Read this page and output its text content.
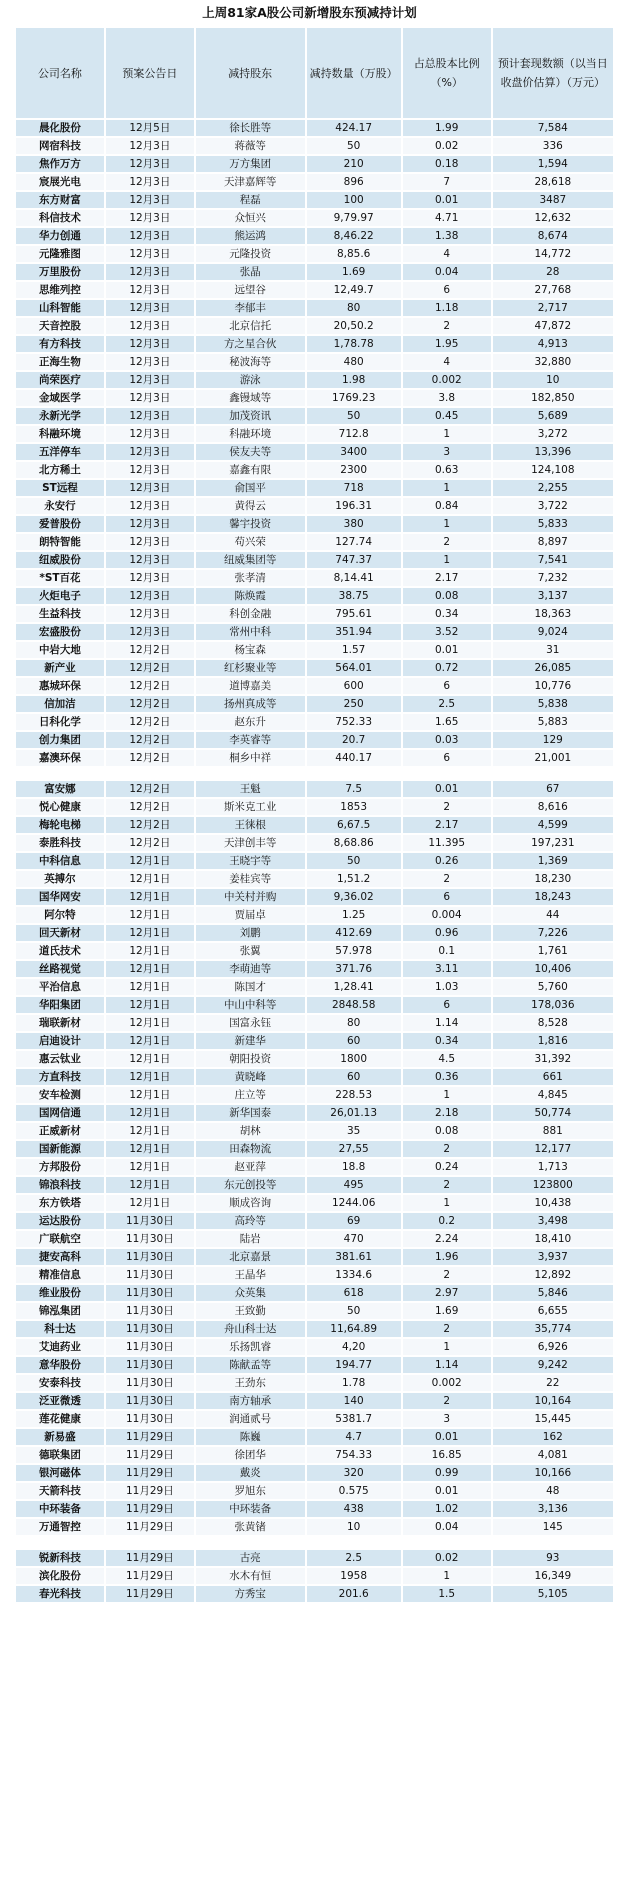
上周81家A股公司新增股东预减持计划
公司名称	预案公告日	减持股东	减持数量（万股）	占总股本比例（%）	预计套现数额（以当日收盘价估算）（万元）
晨化股份	12月5日	徐长胜等	424.17	1.99	7,584
网宿科技	12月3日	蒋薇等	50	0.02	336
焦作万方	12月3日	万方集团	210	0.18	1,594
宸展光电	12月3日	天津嘉辉等	896	7	28,618
东方财富	12月3日	程磊	100	0.01	3487
科信技术	12月3日	众恒兴	9,79.97	4.71	12,632
华力创通	12月3日	熊运鸿	8,46.22	1.38	8,674
元隆雅图	12月3日	元隆投资	8,85.6	4	14,772
万里股份	12月3日	张晶	1.69	0.04	28
思维列控	12月3日	远望谷	12,49.7	6	27,768
山科智能	12月3日	李郁丰	80	1.18	2,717
天音控股	12月3日	北京信托	20,50.2	2	47,872
有方科技	12月3日	方之星合伙	1,78.78	1.95	4,913
正海生物	12月3日	秘波海等	480	4	32,880
尚荣医疗	12月3日	游泳	1.98	0.002	10
金域医学	12月3日	鑫镘域等	1769.23	3.8	182,850
永新光学	12月3日	加茂资讯	50	0.45	5,689
科融环境	12月3日	科融环境	712.8	1	3,272
五洋停车	12月3日	侯友夫等	3400	3	13,396
北方稀土	12月3日	嘉鑫有限	2300	0.63	124,108
ST远程	12月3日	俞国平	718	1	2,255
永安行	12月3日	黄得云	196.31	0.84	3,722
爱普股份	12月3日	馨宇投资	380	1	5,833
朗特智能	12月3日	苟兴荣	127.74	2	8,897
纽威股份	12月3日	纽威集团等	747.37	1	7,541
*ST百花	12月3日	张孝清	8,14.41	2.17	7,232
火炬电子	12月3日	陈焕霞	38.75	0.08	3,137
生益科技	12月3日	科创金融	795.61	0.34	18,363
宏盛股份	12月3日	常州中科	351.94	3.52	9,024
中岩大地	12月2日	杨宝森	1.57	0.01	31
新产业	12月2日	红杉聚业等	564.01	0.72	26,085
惠城环保	12月2日	道博嘉美	600	6	10,776
信加洁	12月2日	扬州真成等	250	2.5	5,838
日科化学	12月2日	赵东升	752.33	1.65	5,883
创力集团	12月2日	李英睿等	20.7	0.03	129
嘉澳环保	12月2日	桐乡中祥	440.17	6	21,001

富安娜	12月2日	王魁	7.5	0.01	67
悦心健康	12月2日	斯米克工业	1853	2	8,616
梅轮电梯	12月2日	王徕根	6,67.5	2.17	4,599
泰胜科技	12月2日	天津创丰等	8,68.86	11.395	197,231
中科信息	12月1日	王晓宇等	50	0.26	1,369
英搏尔	12月1日	姜桂宾等	1,51.2	2	18,230
国华网安	12月1日	中关村并购	9,36.02	6	18,243
阿尔特	12月1日	贾届卓	1.25	0.004	44
回天新材	12月1日	刘鹏	412.69	0.96	7,226
道氏技术	12月1日	张翼	57.978	0.1	1,761
丝路视觉	12月1日	李萌迪等	371.76	3.11	10,406
平治信息	12月1日	陈国才	1,28.41	1.03	5,760
华阳集团	12月1日	中山中科等	2848.58	6	178,036
瑞联新材	12月1日	国富永钰	80	1.14	8,528
启迪设计	12月1日	新建华	60	0.34	1,816
惠云钛业	12月1日	朝阳投资	1800	4.5	31,392
方直科技	12月1日	黄晓峰	60	0.36	661
安车检测	12月1日	庄立等	228.53	1	4,845
国网信通	12月1日	新华国泰	26,01.13	2.18	50,774
正威新材	12月1日	胡林	35	0.08	881
国新能源	12月1日	田森物流	27,55	2	12,177
方邦股份	12月1日	赵亚萍	18.8	0.24	1,713
锦浪科技	12月1日	东元创投等	495	2	123800
东方铁塔	12月1日	顺成咨询	1244.06	1	10,438
运达股份	11月30日	高玲等	69	0.2	3,498
广联航空	11月30日	陆岩	470	2.24	18,410
捷安高科	11月30日	北京嘉景	381.61	1.96	3,937
精准信息	11月30日	王晶华	1334.6	2	12,892
维业股份	11月30日	众英集	618	2.97	5,846
锦泓集团	11月30日	王致勤	50	1.69	6,655
科士达	11月30日	舟山科士达	11,64.89	2	35,774
艾迪药业	11月30日	乐扬凯睿	4,20	1	6,926
意华股份	11月30日	陈献孟等	194.77	1.14	9,242
安泰科技	11月30日	王劲东	1.78	0.002	22
泛亚微透	11月30日	南方轴承	140	2	10,164
莲花健康	11月30日	润通贰号	5381.7	3	15,445
新易盛	11月29日	陈巍	4.7	0.01	162
德联集团	11月29日	徐团华	754.33	16.85	4,081
银河磁体	11月29日	戴炎	320	0.99	10,166
天箭科技	11月29日	罗旭东	0.575	0.01	48
中环装备	11月29日	中环装备	438	1.02	3,136
万通智控	11月29日	张黄锗	10	0.04	145

锐新科技	11月29日	古亮	2.5	0.02	93
滨化股份	11月29日	水木有恒	1958	1	16,349
春光科技	11月29日	方秀宝	201.6	1.5	5,105
